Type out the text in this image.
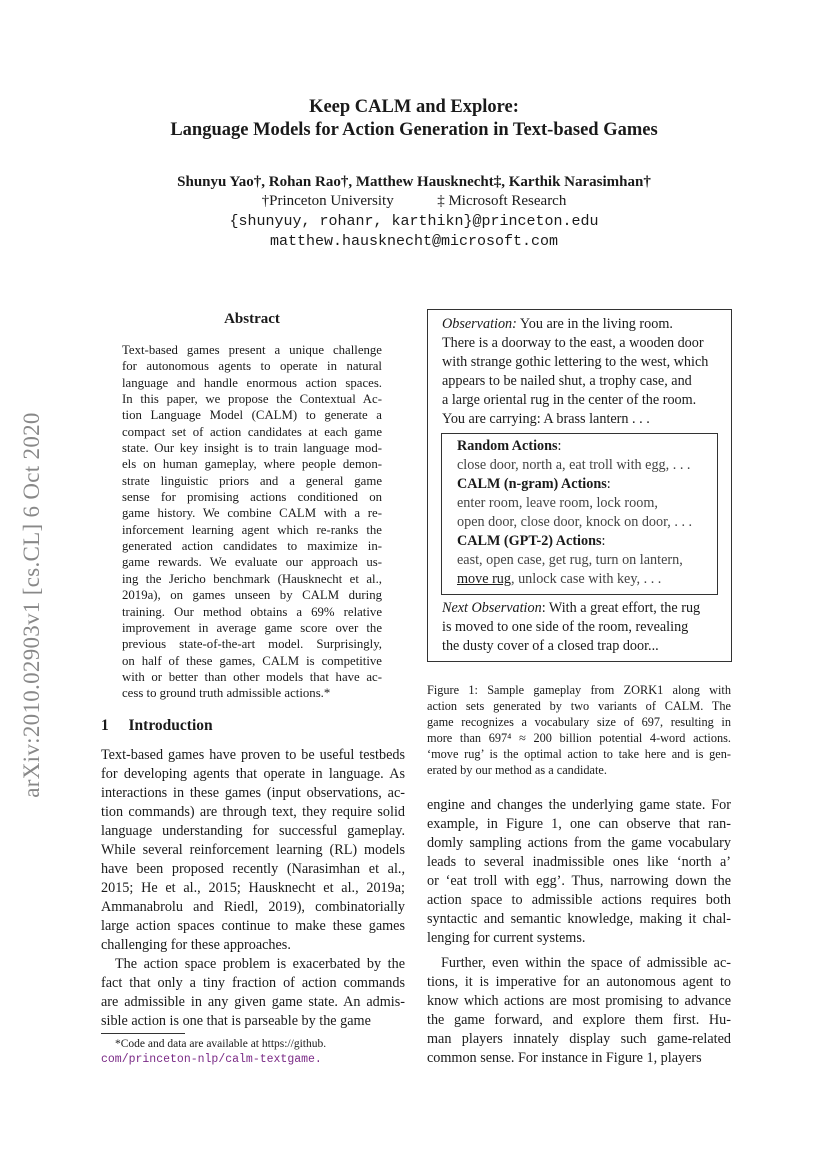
arXiv:2010.02903v1 [cs.CL] 6 Oct 2020
Keep CALM and Explore:
Language Models for Action Generation in Text-based Games
Shunyu Yao†, Rohan Rao†, Matthew Hausknecht‡, Karthik Narasimhan†
†Princeton University	‡ Microsoft Research
{shunyuy, rohanr, karthikn}@princeton.edu
matthew.hausknecht@microsoft.com
Abstract
Text-based games present a unique challenge
for autonomous agents to operate in natural
language and handle enormous action spaces.
In this paper, we propose the Contextual Ac-
tion Language Model (CALM) to generate a
compact set of action candidates at each game
state. Our key insight is to train language mod-
els on human gameplay, where people demon-
strate linguistic priors and a general game
sense for promising actions conditioned on
game history. We combine CALM with a re-
inforcement learning agent which re-ranks the
generated action candidates to maximize in-
game rewards. We evaluate our approach us-
ing the Jericho benchmark (Hausknecht et al.,
2019a), on games unseen by CALM during
training. Our method obtains a 69% relative
improvement in average game score over the
previous state-of-the-art model. Surprisingly,
on half of these games, CALM is competitive
with or better than other models that have ac-
cess to ground truth admissible actions.*
1 Introduction
Text-based games have proven to be useful testbeds
for developing agents that operate in language. As
interactions in these games (input observations, ac-
tion commands) are through text, they require solid
language understanding for successful gameplay.
While several reinforcement learning (RL) models
have been proposed recently (Narasimhan et al.,
2015; He et al., 2015; Hausknecht et al., 2019a;
Ammanabrolu and Riedl, 2019), combinatorially
large action spaces continue to make these games
challenging for these approaches.
The action space problem is exacerbated by the
fact that only a tiny fraction of action commands
are admissible in any given game state. An admis-
sible action is one that is parseable by the game
*Code and data are available at https://github.
com/princeton-nlp/calm-textgame.
Observation: You are in the living room.
There is a doorway to the east, a wooden door
with strange gothic lettering to the west, which
appears to be nailed shut, a trophy case, and
a large oriental rug in the center of the room.
You are carrying: A brass lantern . . .
Random Actions:
close door, north a, eat troll with egg, . . .
CALM (n-gram) Actions:
enter room, leave room, lock room,
open door, close door, knock on door, . . .
CALM (GPT-2) Actions:
east, open case, get rug, turn on lantern,
move rug, unlock case with key, . . .
Next Observation: With a great effort, the rug
is moved to one side of the room, revealing
the dusty cover of a closed trap door...
Figure 1: Sample gameplay from ZORK1 along with
action sets generated by two variants of CALM. The
game recognizes a vocabulary size of 697, resulting in
more than 697⁴ ≈ 200 billion potential 4-word actions.
‘move rug’ is the optimal action to take here and is gen-
erated by our method as a candidate.
engine and changes the underlying game state. For
example, in Figure 1, one can observe that ran-
domly sampling actions from the game vocabulary
leads to several inadmissible ones like ‘north a’
or ‘eat troll with egg’. Thus, narrowing down the
action space to admissible actions requires both
syntactic and semantic knowledge, making it chal-
lenging for current systems.
Further, even within the space of admissible ac-
tions, it is imperative for an autonomous agent to
know which actions are most promising to advance
the game forward, and explore them first. Hu-
man players innately display such game-related
common sense. For instance in Figure 1, players
